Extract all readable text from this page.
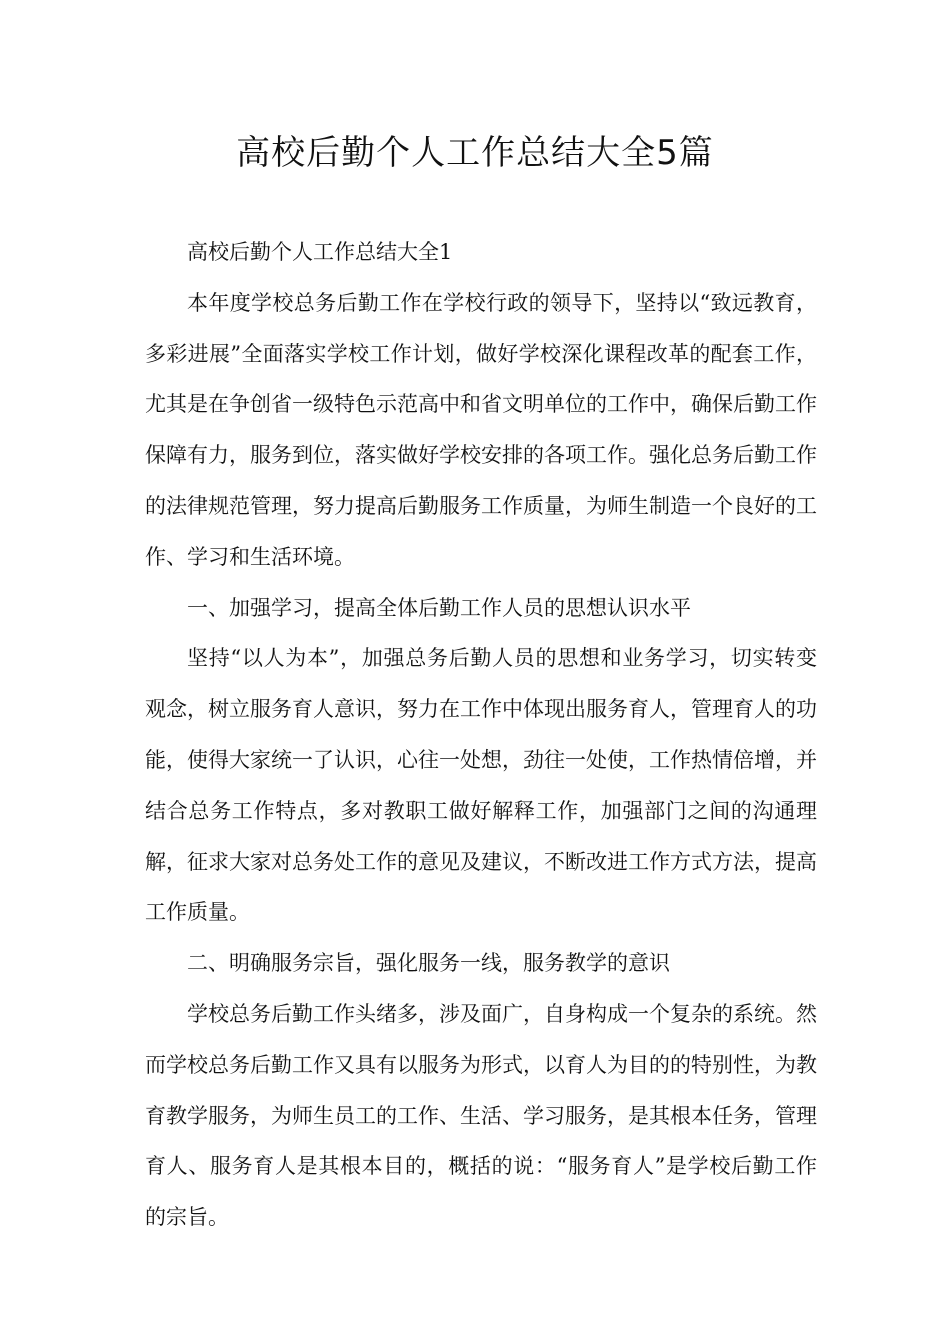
高校后勤个人工作总结大全5篇

高校后勤个人工作总结大全1

本年度学校总务后勤工作在学校行政的领导下，坚持以“致远教育，多彩进展”全面落实学校工作计划，做好学校深化课程改革的配套工作，尤其是在争创省一级特色示范高中和省文明单位的工作中，确保后勤工作保障有力，服务到位，落实做好学校安排的各项工作。强化总务后勤工作的法律规范管理，努力提高后勤服务工作质量，为师生制造一个良好的工作、学习和生活环境。

一、加强学习，提高全体后勤工作人员的思想认识水平

坚持“以人为本”，加强总务后勤人员的思想和业务学习，切实转变观念，树立服务育人意识，努力在工作中体现出服务育人，管理育人的功能，使得大家统一了认识，心往一处想，劲往一处使，工作热情倍增，并结合总务工作特点，多对教职工做好解释工作，加强部门之间的沟通理解，征求大家对总务处工作的意见及建议，不断改进工作方式方法，提高工作质量。

二、明确服务宗旨，强化服务一线，服务教学的意识

学校总务后勤工作头绪多，涉及面广，自身构成一个复杂的系统。然而学校总务后勤工作又具有以服务为形式，以育人为目的的特别性，为教育教学服务，为师生员工的工作、生活、学习服务，是其根本任务，管理育人、服务育人是其根本目的，概括的说：“服务育人”是学校后勤工作的宗旨。
